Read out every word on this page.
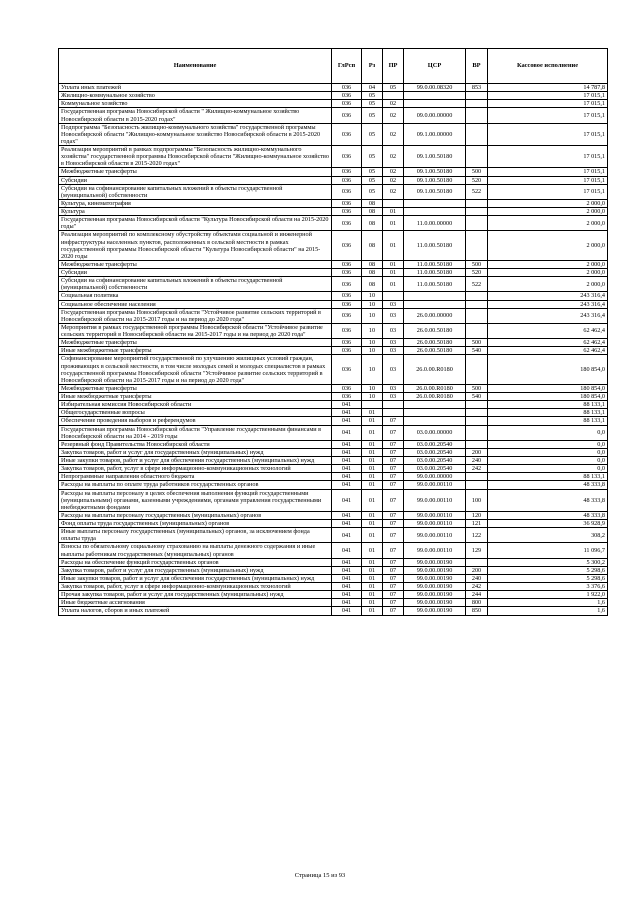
Наименование	ГлРсп	Рз	ПР	ЦСР	ВР	Кассовое исполнение
Уплата иных платежей	036	04	05	99.0.00.08320	853	14 787,8
Жилищно-коммунальное хозяйство	036	05				17 015,1
Коммунальное хозяйство	036	05	02			17 015,1
Государственная программа Новосибирской области " Жилищно-коммунальное хозяйство Новосибирской области в 2015-2020 годах"	036	05	02	09.0.00.00000		17 015,1
Подпрограмма "Безопасность жилищно-коммунального хозяйства" государственной программы Новосибирской области "Жилищно-коммунальное хозяйство Новосибирской области в 2015-2020 годах"	036	05	02	09.1.00.00000		17 015,1
Реализация мероприятий в рамках подпрограммы "Безопасность жилищно-коммунального хозяйства" государственной программы Новосибирской области "Жилищно-коммунальное хозяйство в Новосибирской области в 2015-2020 годах"	036	05	02	09.1.00.50180		17 015,1
Межбюджетные трансферты	036	05	02	09.1.00.50180	500	17 015,1
Субсидии	036	05	02	09.1.00.50180	520	17 015,1
Субсидии на софинансирование капитальных вложений в объекты государственной (муниципальной) собственности	036	05	02	09.1.00.50180	522	17 015,1
Культура, кинематография	036	08				2 000,0
Культура	036	08	01			2 000,0
Государственная программа Новосибирской области "Культура Новосибирской области на 2015-2020 годы"	036	08	01	11.0.00.00000		2 000,0
Реализация мероприятий по комплексному обустройству объектами социальной и инженерной инфраструктуры населенных пунктов, расположенных в сельской местности в рамках государственной программы Новосибирской области "Культура Новосибирской области" на 2015-2020 годы	036	08	01	11.0.00.50180		2 000,0
Межбюджетные трансферты	036	08	01	11.0.00.50180	500	2 000,0
Субсидии	036	08	01	11.0.00.50180	520	2 000,0
Субсидии на софинансирование капитальных вложений в объекты государственной (муниципальной) собственности	036	08	01	11.0.00.50180	522	2 000,0
Социальная политика	036	10				243 316,4
Социальное обеспечение населения	036	10	03			243 316,4
Государственная программа Новосибирской области "Устойчивое развитие сельских территорий в Новосибирской области на 2015-2017 годы и на период до 2020 года"	036	10	03	26.0.00.00000		243 316,4
Мероприятия в рамках государственной программы Новосибирской области "Устойчивое развитие сельских территорий в Новосибирской области на 2015-2017 годы и на период до 2020 года"	036	10	03	26.0.00.50180		62 462,4
Межбюджетные трансферты	036	10	03	26.0.00.50180	500	62 462,4
Иные межбюджетные трансферты	036	10	03	26.0.00.50180	540	62 462,4
Софинансирование мероприятий государственной по улучшению жилищных условий граждан, проживающих в сельской местности, в том числе молодых семей и молодых специалистов в рамках государственной программы Новосибирской области "Устойчивое развитие сельских территорий в Новосибирской области на 2015-2017 годы и на период до 2020 года"	036	10	03	26.0.00.R0180		180 854,0
Межбюджетные трансферты	036	10	03	26.0.00.R0180	500	180 854,0
Иные межбюджетные трансферты	036	10	03	26.0.00.R0180	540	180 854,0
Избирательная комиссия Новосибирской области	041					88 133,1
Общегосударственные вопросы	041	01				88 133,1
Обеспечение проведения выборов и референдумов	041	01	07			88 133,1
Государственная программа Новосибирской области "Управление государственными финансами в Новосибирской области на 2014 - 2019 годы	041	01	07	03.0.00.00000		0,0
Резервный фонд Правительства Новосибирской области	041	01	07	03.0.00.20540		0,0
Закупка товаров, работ и услуг для государственных (муниципальных) нужд	041	01	07	03.0.00.20540	200	0,0
Иные закупки товаров, работ и услуг для обеспечения государственных (муниципальных) нужд	041	01	07	03.0.00.20540	240	0,0
Закупка товаров, работ, услуг в сфере информационно-коммуникационных технологий	041	01	07	03.0.00.20540	242	0,0
Непрограммные направления областного бюджета	041	01	07	99.0.00.00000		88 133,1
Расходы на выплаты по оплате труда работников государственных органов	041	01	07	99.0.00.00110		48 333,8
Расходы на выплаты персоналу в целях обеспечения выполнения функций государственными (муниципальными) органами, казенными учреждениями, органами управления государственными внебюджетными фондами	041	01	07	99.0.00.00110	100	48 333,8
Расходы на выплаты персоналу государственных (муниципальных) органов	041	01	07	99.0.00.00110	120	48 333,8
Фонд оплаты труда государственных (муниципальных) органов	041	01	07	99.0.00.00110	121	36 928,9
Иные выплаты персоналу государственных (муниципальных) органов, за исключением фонда оплаты труда	041	01	07	99.0.00.00110	122	308,2
Взносы по обязательному социальному страхованию на выплаты денежного содержания и иные выплаты работникам государственных (муниципальных) органов	041	01	07	99.0.00.00110	129	11 096,7
Расходы на обеспечение функций государственных органов	041	01	07	99.0.00.00190		5 300,2
Закупка товаров, работ и услуг для государственных (муниципальных) нужд	041	01	07	99.0.00.00190	200	5 298,6
Иные закупки товаров, работ и услуг для обеспечения государственных (муниципальных) нужд	041	01	07	99.0.00.00190	240	5 298,6
Закупка товаров, работ, услуг в сфере информационно-коммуникационных технологий	041	01	07	99.0.00.00190	242	3 376,6
Прочая закупка товаров, работ и услуг для государственных (муниципальных) нужд	041	01	07	99.0.00.00190	244	1 922,0
Иные бюджетные ассигнования	041	01	07	99.0.00.00190	800	1,6
Уплата налогов, сборов и иных платежей	041	01	07	99.0.00.00190	850	1,6
Страница 15 из 93
